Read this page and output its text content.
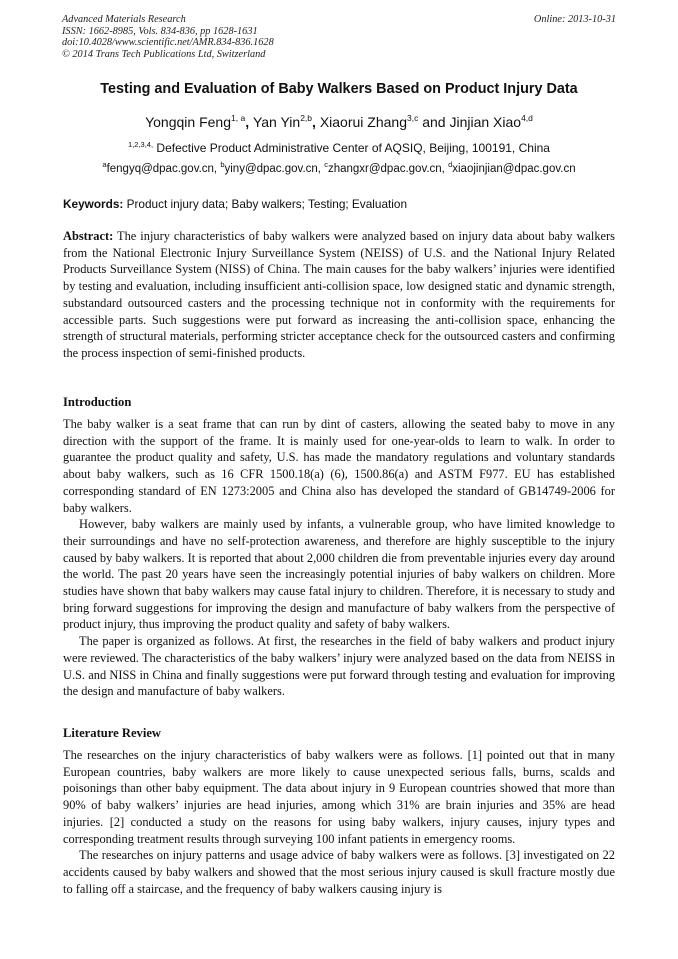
Advanced Materials Research
ISSN: 1662-8985, Vols. 834-836, pp 1628-1631
doi:10.4028/www.scientific.net/AMR.834-836.1628
© 2014 Trans Tech Publications Ltd, Switzerland
Online: 2013-10-31
Testing and Evaluation of Baby Walkers Based on Product Injury Data
Yongqin Feng$^{1, a}$, Yan Yin$^{2,b}$, Xiaorui Zhang$^{3,c}$ and Jinjian Xiao$^{4,d}$
$^{1,2,3,4,}$ Defective Product Administrative Center of AQSIQ, Beijing, 100191, China
$^a$fengyq@dpac.gov.cn, $^b$yiny@dpac.gov.cn, $^c$zhangxr@dpac.gov.cn, $^d$xiaojinjian@dpac.gov.cn
Keywords: Product injury data; Baby walkers; Testing; Evaluation

Abstract: The injury characteristics of baby walkers were analyzed based on injury data about baby walkers from the National Electronic Injury Surveillance System (NEISS) of U.S. and the National Injury Related Products Surveillance System (NISS) of China. The main causes for the baby walkers’ injuries were identified by testing and evaluation, including insufficient anti-collision space, low designed static and dynamic strength, substandard outsourced casters and the processing technique not in conformity with the requirements for accessible parts. Such suggestions were put forward as increasing the anti-collision space, enhancing the strength of structural materials, performing stricter acceptance check for the outsourced casters and confirming the process inspection of semi-finished products.

Introduction

The baby walker is a seat frame that can run by dint of casters, allowing the seated baby to move in any direction with the support of the frame. It is mainly used for one-year-olds to learn to walk. In order to guarantee the product quality and safety, U.S. has made the mandatory regulations and voluntary standards about baby walkers, such as 16 CFR 1500.18(a) (6), 1500.86(a) and ASTM F977. EU has established corresponding standard of EN 1273:2005 and China also has developed the standard of GB14749-2006 for baby walkers.

However, baby walkers are mainly used by infants, a vulnerable group, who have limited knowledge to their surroundings and have no self-protection awareness, and therefore are highly susceptible to the injury caused by baby walkers. It is reported that about 2,000 children die from preventable injuries every day around the world. The past 20 years have seen the increasingly potential injuries of baby walkers on children. More studies have shown that baby walkers may cause fatal injury to children. Therefore, it is necessary to study and bring forward suggestions for improving the design and manufacture of baby walkers from the perspective of product injury, thus improving the product quality and safety of baby walkers.

The paper is organized as follows. At first, the researches in the field of baby walkers and product injury were reviewed. The characteristics of the baby walkers’ injury were analyzed based on the data from NEISS in U.S. and NISS in China and finally suggestions were put forward through testing and evaluation for improving the design and manufacture of baby walkers.

Literature Review

The researches on the injury characteristics of baby walkers were as follows. [1] pointed out that in many European countries, baby walkers are more likely to cause unexpected serious falls, burns, scalds and poisonings than other baby equipment. The data about injury in 9 European countries showed that more than 90% of baby walkers’ injuries are head injuries, among which 31% are brain injuries and 35% are head injuries. [2] conducted a study on the reasons for using baby walkers, injury causes, injury types and corresponding treatment results through surveying 100 infant patients in emergency rooms.

The researches on injury patterns and usage advice of baby walkers were as follows. [3] investigated on 22 accidents caused by baby walkers and showed that the most serious injury caused is skull fracture mostly due to falling off a staircase, and the frequency of baby walkers causing injury is
